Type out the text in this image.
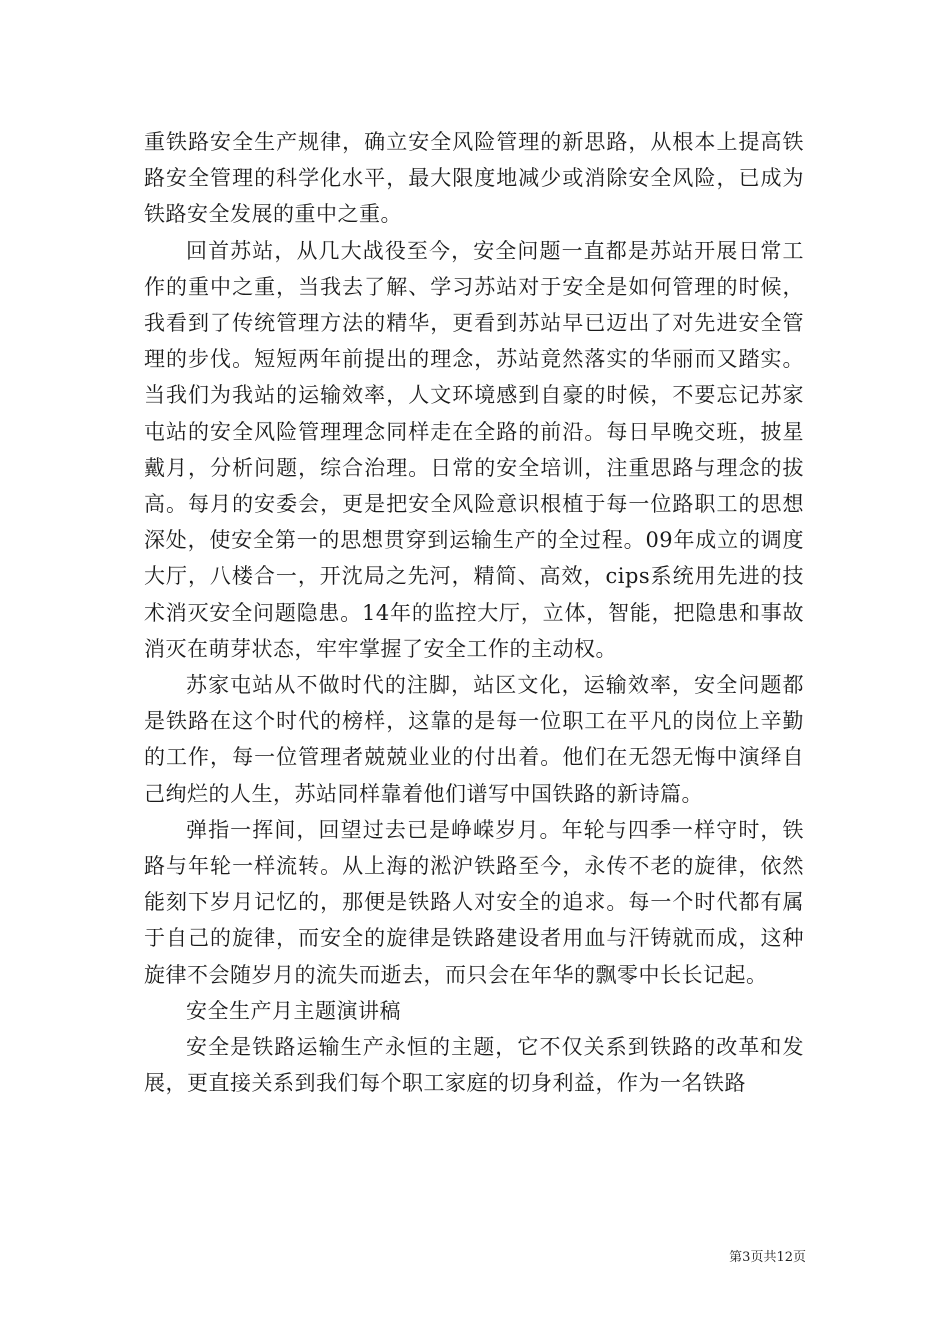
重铁路安全生产规律，确立安全风险管理的新思路，从根本上提高铁路安全管理的科学化水平，最大限度地减少或消除安全风险，已成为铁路安全发展的重中之重。

回首苏站，从几大战役至今，安全问题一直都是苏站开展日常工作的重中之重，当我去了解、学习苏站对于安全是如何管理的时候，我看到了传统管理方法的精华，更看到苏站早已迈出了对先进安全管理的步伐。短短两年前提出的理念，苏站竟然落实的华丽而又踏实。当我们为我站的运输效率，人文环境感到自豪的时候，不要忘记苏家屯站的安全风险管理理念同样走在全路的前沿。每日早晚交班，披星戴月，分析问题，综合治理。日常的安全培训，注重思路与理念的拔高。每月的安委会，更是把安全风险意识根植于每一位路职工的思想深处，使安全第一的思想贯穿到运输生产的全过程。09年成立的调度大厅，八楼合一，开沈局之先河，精简、高效，cips系统用先进的技术消灭安全问题隐患。14年的监控大厅，立体，智能，把隐患和事故消灭在萌芽状态，牢牢掌握了安全工作的主动权。

苏家屯站从不做时代的注脚，站区文化，运输效率，安全问题都是铁路在这个时代的榜样，这靠的是每一位职工在平凡的岗位上辛勤的工作，每一位管理者兢兢业业的付出着。他们在无怨无悔中演绎自己绚烂的人生，苏站同样靠着他们谱写中国铁路的新诗篇。

弹指一挥间，回望过去已是峥嵘岁月。年轮与四季一样守时，铁路与年轮一样流转。从上海的淞沪铁路至今，永传不老的旋律，依然能刻下岁月记忆的，那便是铁路人对安全的追求。每一个时代都有属于自己的旋律，而安全的旋律是铁路建设者用血与汗铸就而成，这种旋律不会随岁月的流失而逝去，而只会在年华的飘零中长长记起。

安全生产月主题演讲稿

安全是铁路运输生产永恒的主题，它不仅关系到铁路的改革和发展，更直接关系到我们每个职工家庭的切身利益，作为一名铁路

第3页共12页
